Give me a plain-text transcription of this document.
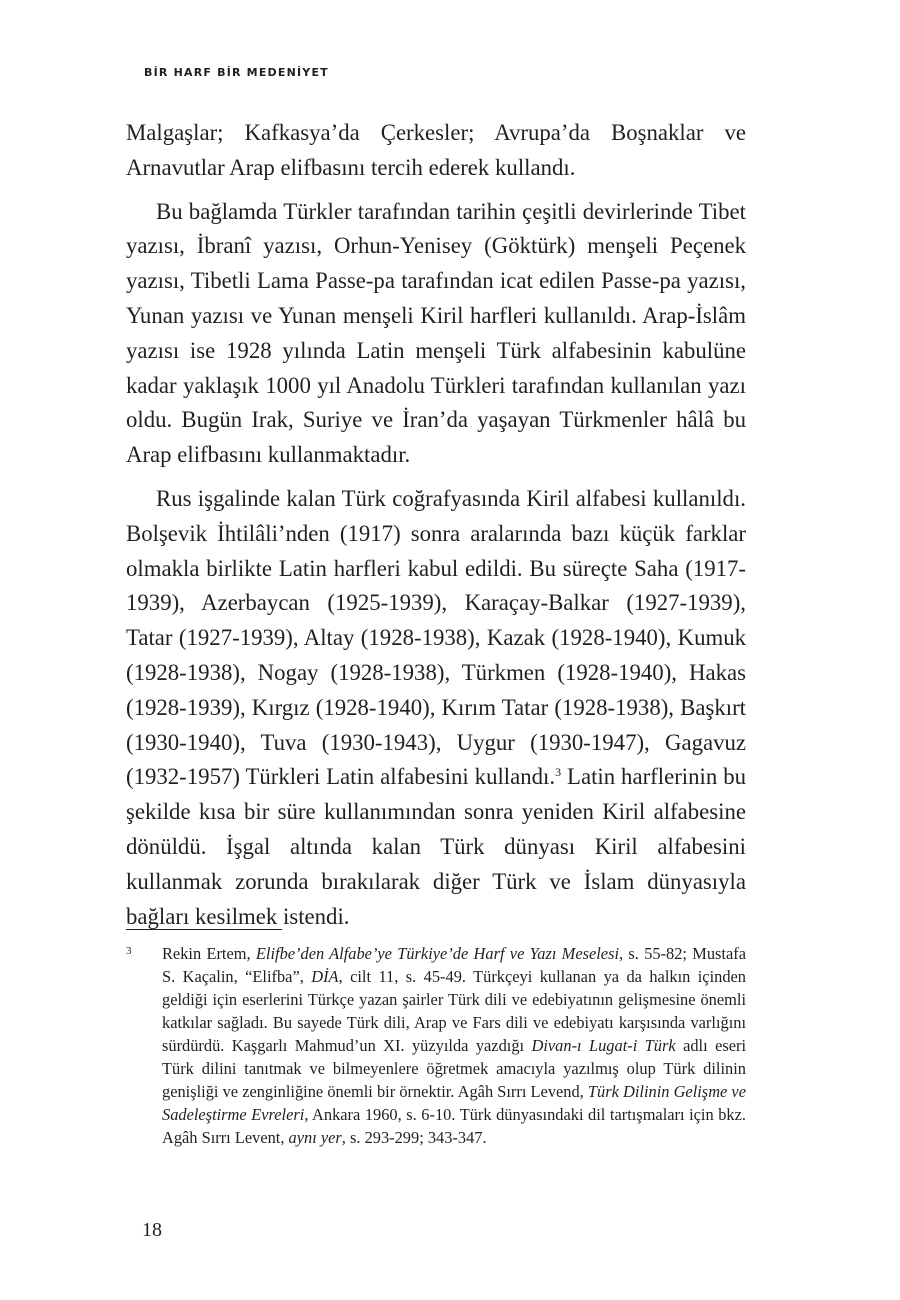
BİR HARF BİR MEDENİYET

Malgaşlar; Kafkasya’da Çerkesler; Avrupa’da Boşnaklar ve Arnavutlar Arap elifbasını tercih ederek kullandı.

Bu bağlamda Türkler tarafından tarihin çeşitli devirlerinde Tibet yazısı, İbranî yazısı, Orhun-Yenisey (Göktürk) menşeli Peçenek yazısı, Tibetli Lama Passe-pa tarafından icat edilen Passe-pa yazısı, Yunan yazısı ve Yunan menşeli Kiril harfleri kullanıldı. Arap-İslâm yazısı ise 1928 yılında Latin menşeli Türk alfabesinin kabulüne kadar yaklaşık 1000 yıl Anadolu Türkleri tarafından kullanılan yazı oldu. Bugün Irak, Suriye ve İran’da yaşayan Türkmenler hâlâ bu Arap elifbasını kullanmaktadır.

Rus işgalinde kalan Türk coğrafyasında Kiril alfabesi kullanıldı. Bolşevik İhtilâli’nden (1917) sonra aralarında bazı küçük farklar olmakla birlikte Latin harfleri kabul edildi. Bu süreçte Saha (1917-1939), Azerbaycan (1925-1939), Karaçay-Balkar (1927-1939), Tatar (1927-1939), Altay (1928-1938), Kazak (1928-1940), Kumuk (1928-1938), Nogay (1928-1938), Türkmen (1928-1940), Hakas (1928-1939), Kırgız (1928-1940), Kırım Tatar (1928-1938), Başkırt (1930-1940), Tuva (1930-1943), Uygur (1930-1947), Gagavuz (1932-1957) Türkleri Latin alfabesini kullandı.$^3$ Latin harflerinin bu şekilde kısa bir süre kullanımından sonra yeniden Kiril alfabesine dönüldü. İşgal altında kalan Türk dünyası Kiril alfabesini kullanmak zorunda bırakılarak diğer Türk ve İslam dünyasıyla bağları kesilmek istendi.

3 Rekin Ertem, Elifbe’den Alfabe’ye Türkiye’de Harf ve Yazı Meselesi, s. 55-82; Mustafa S. Kaçalin, “Elifba”, DİA, cilt 11, s. 45-49. Türkçeyi kullanan ya da halkın içinden geldiği için eserlerini Türkçe yazan şairler Türk dili ve edebiyatının gelişmesine önemli katkılar sağladı. Bu sayede Türk dili, Arap ve Fars dili ve edebiyatı karşısında varlığını sürdürdü. Kaşgarlı Mahmud’un XI. yüzyılda yazdığı Divan-ı Lugat-i Türk adlı eseri Türk dilini tanıtmak ve bilmeyenlere öğretmek amacıyla yazılmış olup Türk dilinin genişliği ve zenginliğine önemli bir örnektir. Agâh Sırrı Levend, Türk Dilinin Gelişme ve Sadeleştirme Evreleri, Ankara 1960, s. 6-10. Türk dünyasındaki dil tartışmaları için bkz. Agâh Sırrı Levent, aynı yer, s. 293-299; 343-347.
18
